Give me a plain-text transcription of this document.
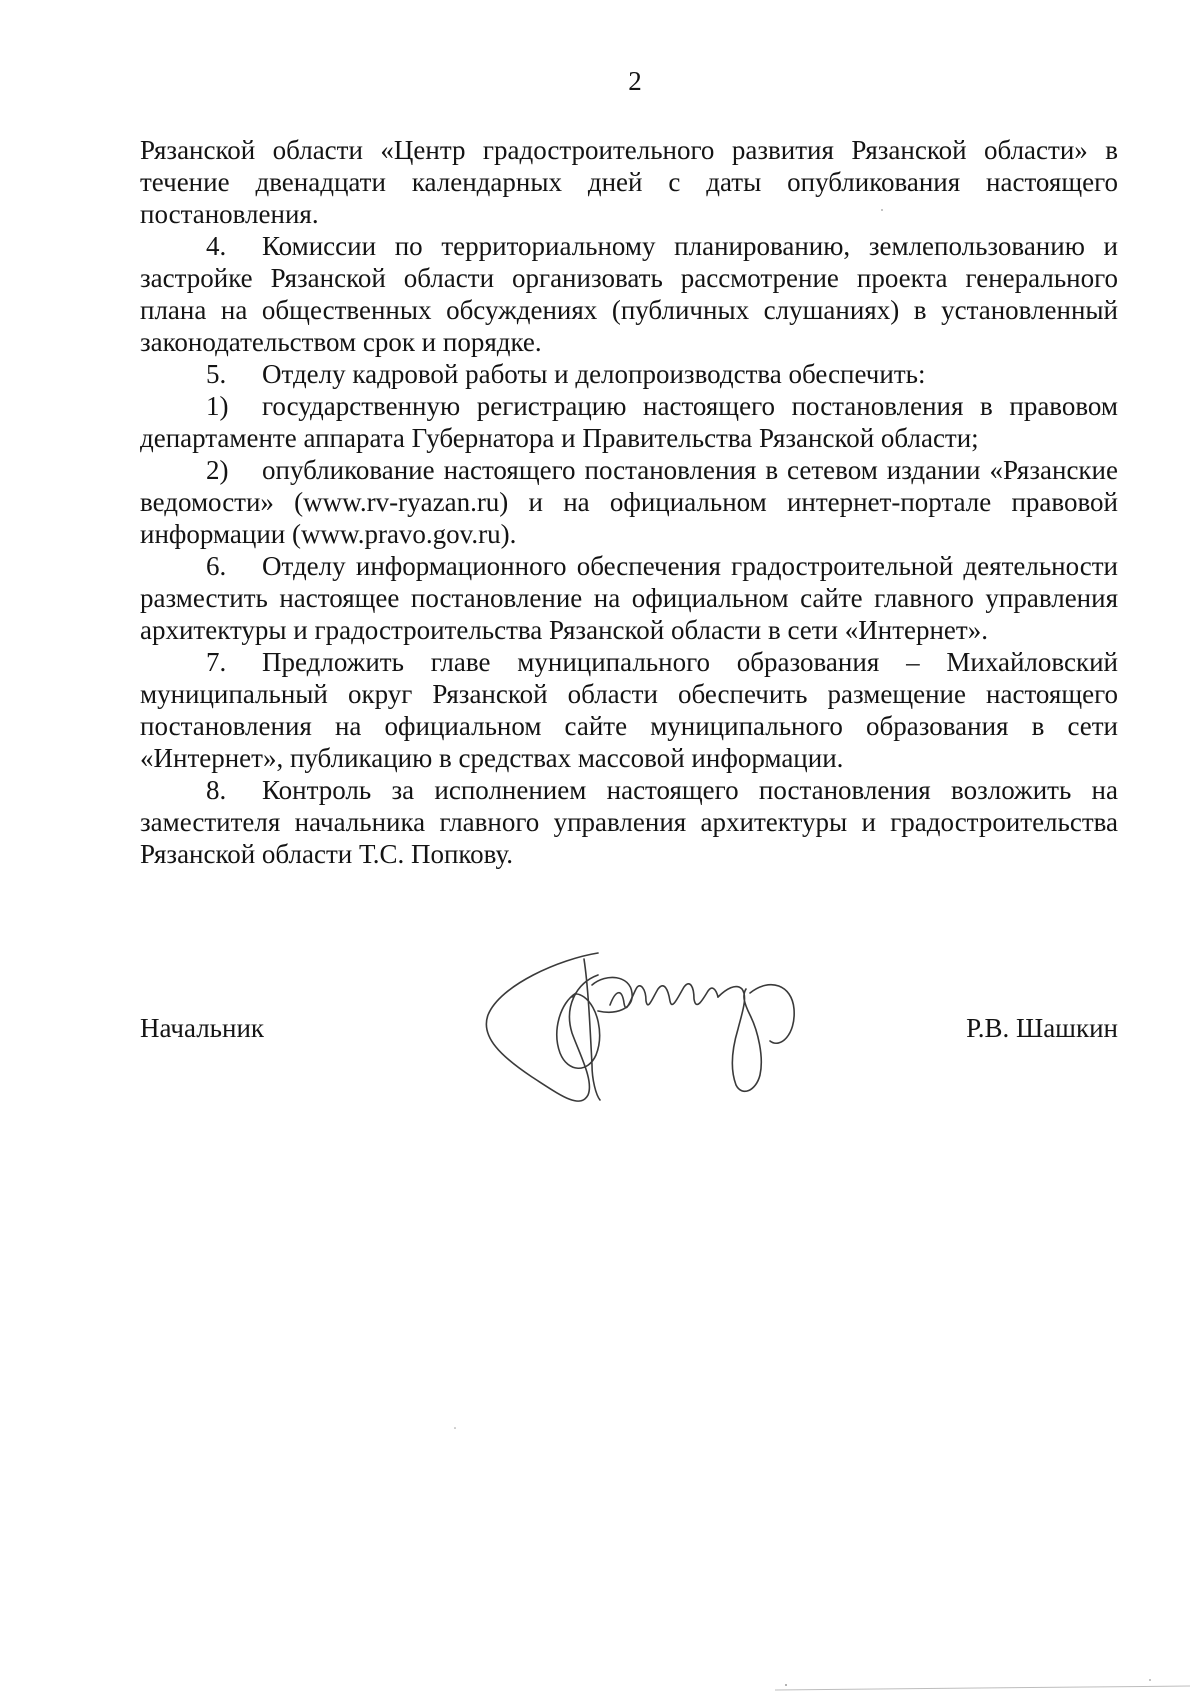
2

Рязанской области «Центр градостроительного развития Рязанской области» в течение двенадцати календарных дней с даты опубликования настоящего постановления.

4. Комиссии по территориальному планированию, землепользованию и застройке Рязанской области организовать рассмотрение проекта генерального плана на общественных обсуждениях (публичных слушаниях) в установленный законодательством срок и порядке.

5. Отделу кадровой работы и делопроизводства обеспечить:

1) государственную регистрацию настоящего постановления в правовом департаменте аппарата Губернатора и Правительства Рязанской области;

2) опубликование настоящего постановления в сетевом издании «Рязанские ведомости» (www.rv-ryazan.ru) и на официальном интернет-портале правовой информации (www.pravo.gov.ru).

6. Отделу информационного обеспечения градостроительной деятельности разместить настоящее постановление на официальном сайте главного управления архитектуры и градостроительства Рязанской области в сети «Интернет».

7. Предложить главе муниципального образования – Михайловский муниципальный округ Рязанской области обеспечить размещение настоящего постановления на официальном сайте муниципального образования в сети «Интернет», публикацию в средствах массовой информации.

8. Контроль за исполнением настоящего постановления возложить на заместителя начальника главного управления архитектуры и градостроительства Рязанской области Т.С. Попкову.

Начальник	Р.В. Шашкин
